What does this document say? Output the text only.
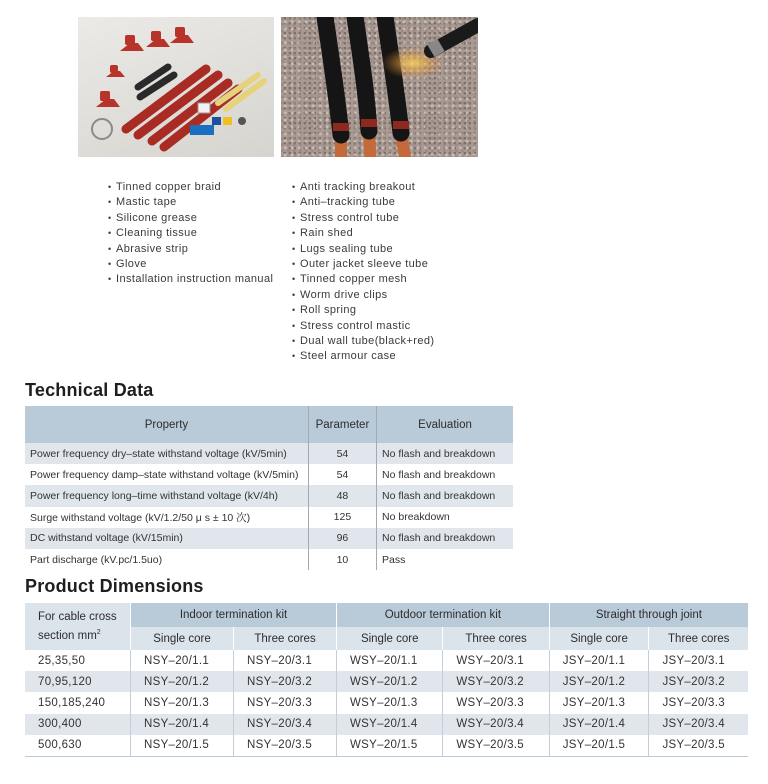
• Tinned copper braid
• Mastic tape
• Silicone grease
• Cleaning tissue
• Abrasive strip
• Glove
• Installation instruction manual
• Anti tracking breakout
• Anti–tracking tube
• Stress control tube
• Rain shed
• Lugs sealing tube
• Outer jacket sleeve tube
• Tinned copper mesh
• Worm drive clips
• Roll spring
• Stress control mastic
• Dual wall tube(black+red)
• Steel armour case
Technical Data
Property	Parameter	Evaluation
Power frequency dry–state withstand voltage (kV/5min)	54	No flash and breakdown
Power frequency damp–state withstand voltage (kV/5min)	54	No flash and breakdown
Power frequency long–time withstand voltage (kV/4h)	48	No flash and breakdown
Surge withstand voltage (kV/1.2/50 μ s ± 10 次)	125	No breakdown
DC withstand voltage (kV/15min)	96	No flash and breakdown
Part discharge (kV.pc/1.5uo)	10	Pass
Product Dimensions
For cable cross
section $mm^2$	Indoor termination kit		Outdoor termination kit		Straight through joint	
	Single core	Three cores	Single core	Three cores	Single core	Three cores
25,35,50	NSY–20/1.1	NSY–20/3.1	WSY–20/1.1	WSY–20/3.1	JSY–20/1.1	JSY–20/3.1
70,95,120	NSY–20/1.2	NSY–20/3.2	WSY–20/1.2	WSY–20/3.2	JSY–20/1.2	JSY–20/3.2
150,185,240	NSY–20/1.3	NSY–20/3.3	WSY–20/1.3	WSY–20/3.3	JSY–20/1.3	JSY–20/3.3
300,400	NSY–20/1.4	NSY–20/3.4	WSY–20/1.4	WSY–20/3.4	JSY–20/1.4	JSY–20/3.4
500,630	NSY–20/1.5	NSY–20/3.5	WSY–20/1.5	WSY–20/3.5	JSY–20/1.5	JSY–20/3.5
